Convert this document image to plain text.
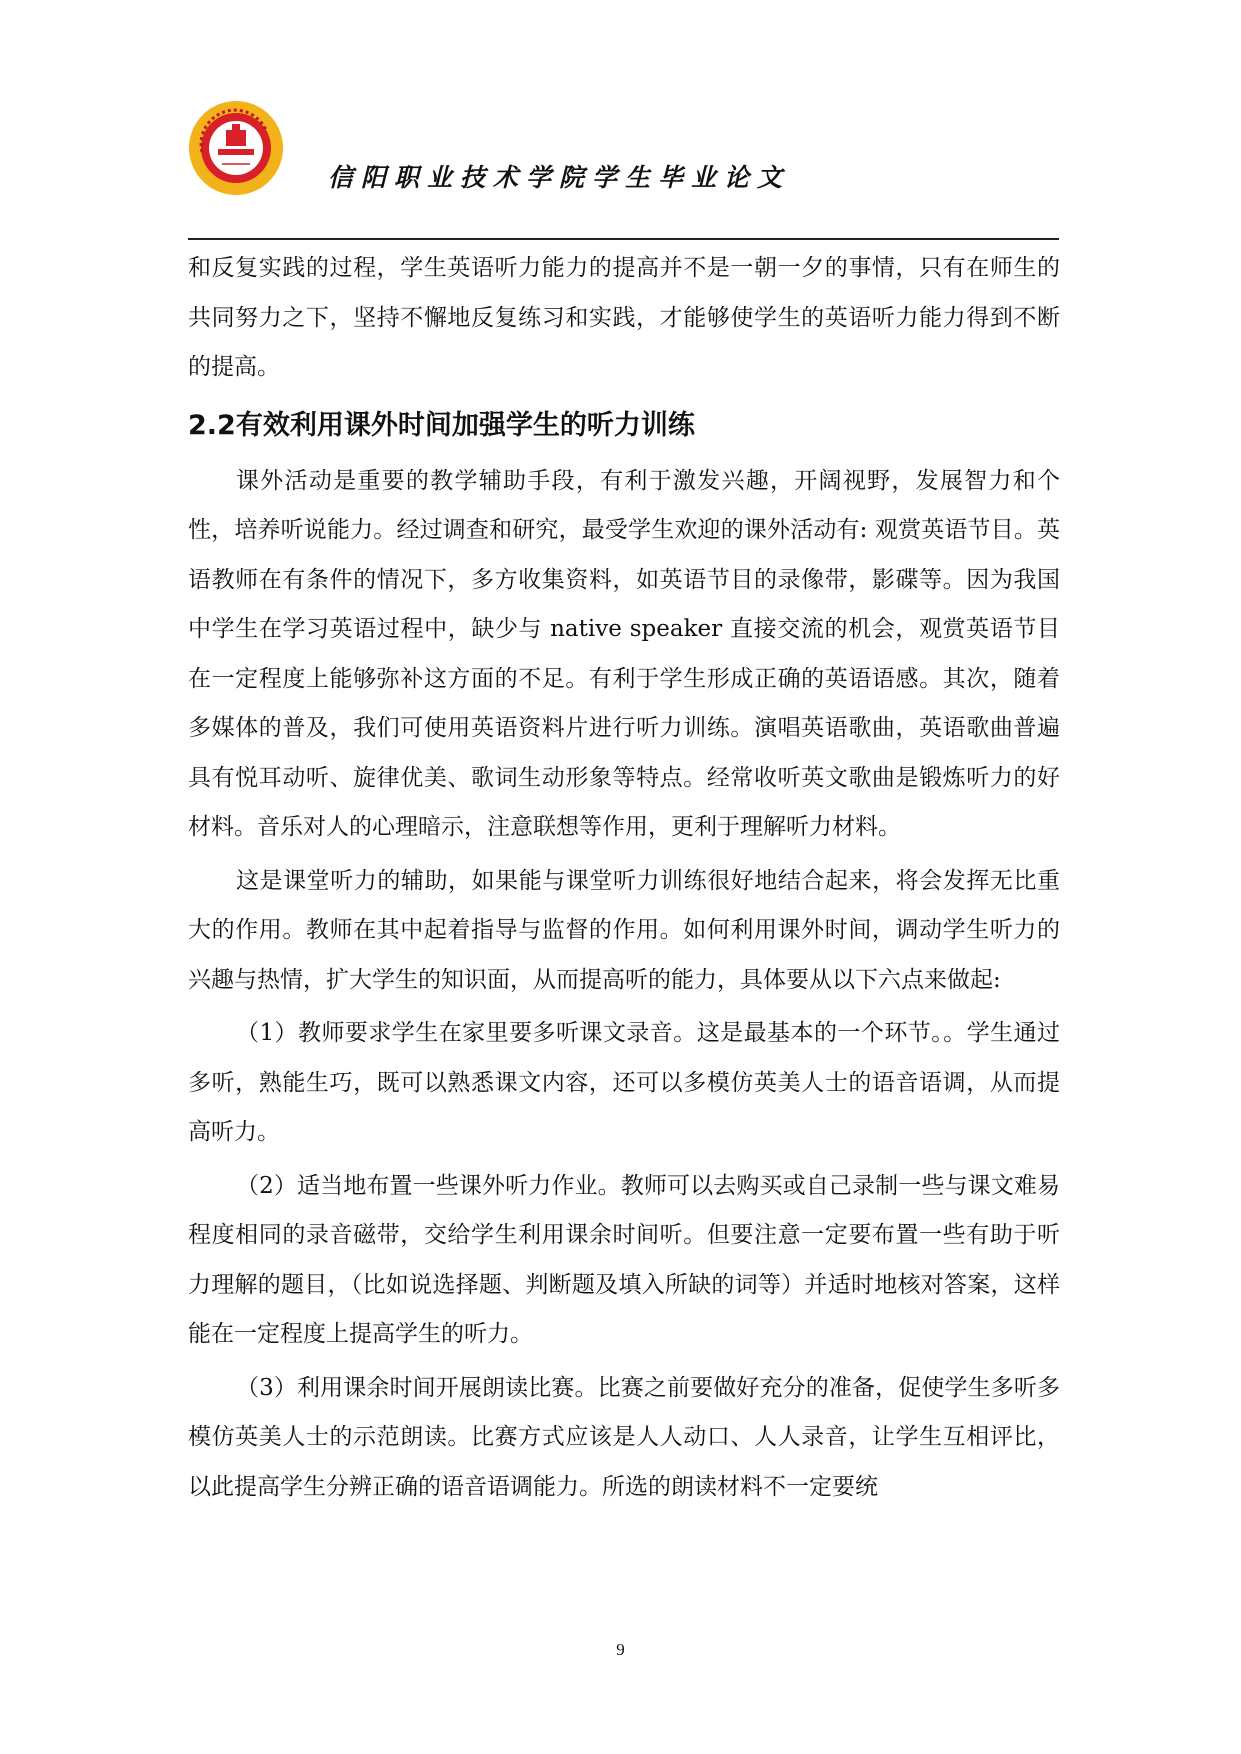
信阳职业技术学院学生毕业论文

和反复实践的过程，学生英语听力能力的提高并不是一朝一夕的事情，只有在师生的共同努力之下，坚持不懈地反复练习和实践，才能够使学生的英语听力能力得到不断的提高。

2.2有效利用课外时间加强学生的听力训练

课外活动是重要的教学辅助手段，有利于激发兴趣，开阔视野，发展智力和个性，培养听说能力。经过调查和研究，最受学生欢迎的课外活动有: 观赏英语节目。英语教师在有条件的情况下，多方收集资料，如英语节目的录像带，影碟等。因为我国中学生在学习英语过程中，缺少与 native speaker 直接交流的机会，观赏英语节目在一定程度上能够弥补这方面的不足。有利于学生形成正确的英语语感。其次，随着多媒体的普及，我们可使用英语资料片进行听力训练。演唱英语歌曲，英语歌曲普遍具有悦耳动听、旋律优美、歌词生动形象等特点。经常收听英文歌曲是锻炼听力的好材料。音乐对人的心理暗示，注意联想等作用，更利于理解听力材料。

这是课堂听力的辅助，如果能与课堂听力训练很好地结合起来，将会发挥无比重大的作用。教师在其中起着指导与监督的作用。如何利用课外时间，调动学生听力的兴趣与热情，扩大学生的知识面，从而提高听的能力，具体要从以下六点来做起:

（1）教师要求学生在家里要多听课文录音。这是最基本的一个环节。。学生通过多听，熟能生巧，既可以熟悉课文内容，还可以多模仿英美人士的语音语调，从而提高听力。

（2）适当地布置一些课外听力作业。教师可以去购买或自己录制一些与课文难易程度相同的录音磁带，交给学生利用课余时间听。但要注意一定要布置一些有助于听力理解的题目，（比如说选择题、判断题及填入所缺的词等）并适时地核对答案，这样能在一定程度上提高学生的听力。

（3）利用课余时间开展朗读比赛。比赛之前要做好充分的准备，促使学生多听多模仿英美人士的示范朗读。比赛方式应该是人人动口、人人录音，让学生互相评比，以此提高学生分辨正确的语音语调能力。所选的朗读材料不一定要统

9
